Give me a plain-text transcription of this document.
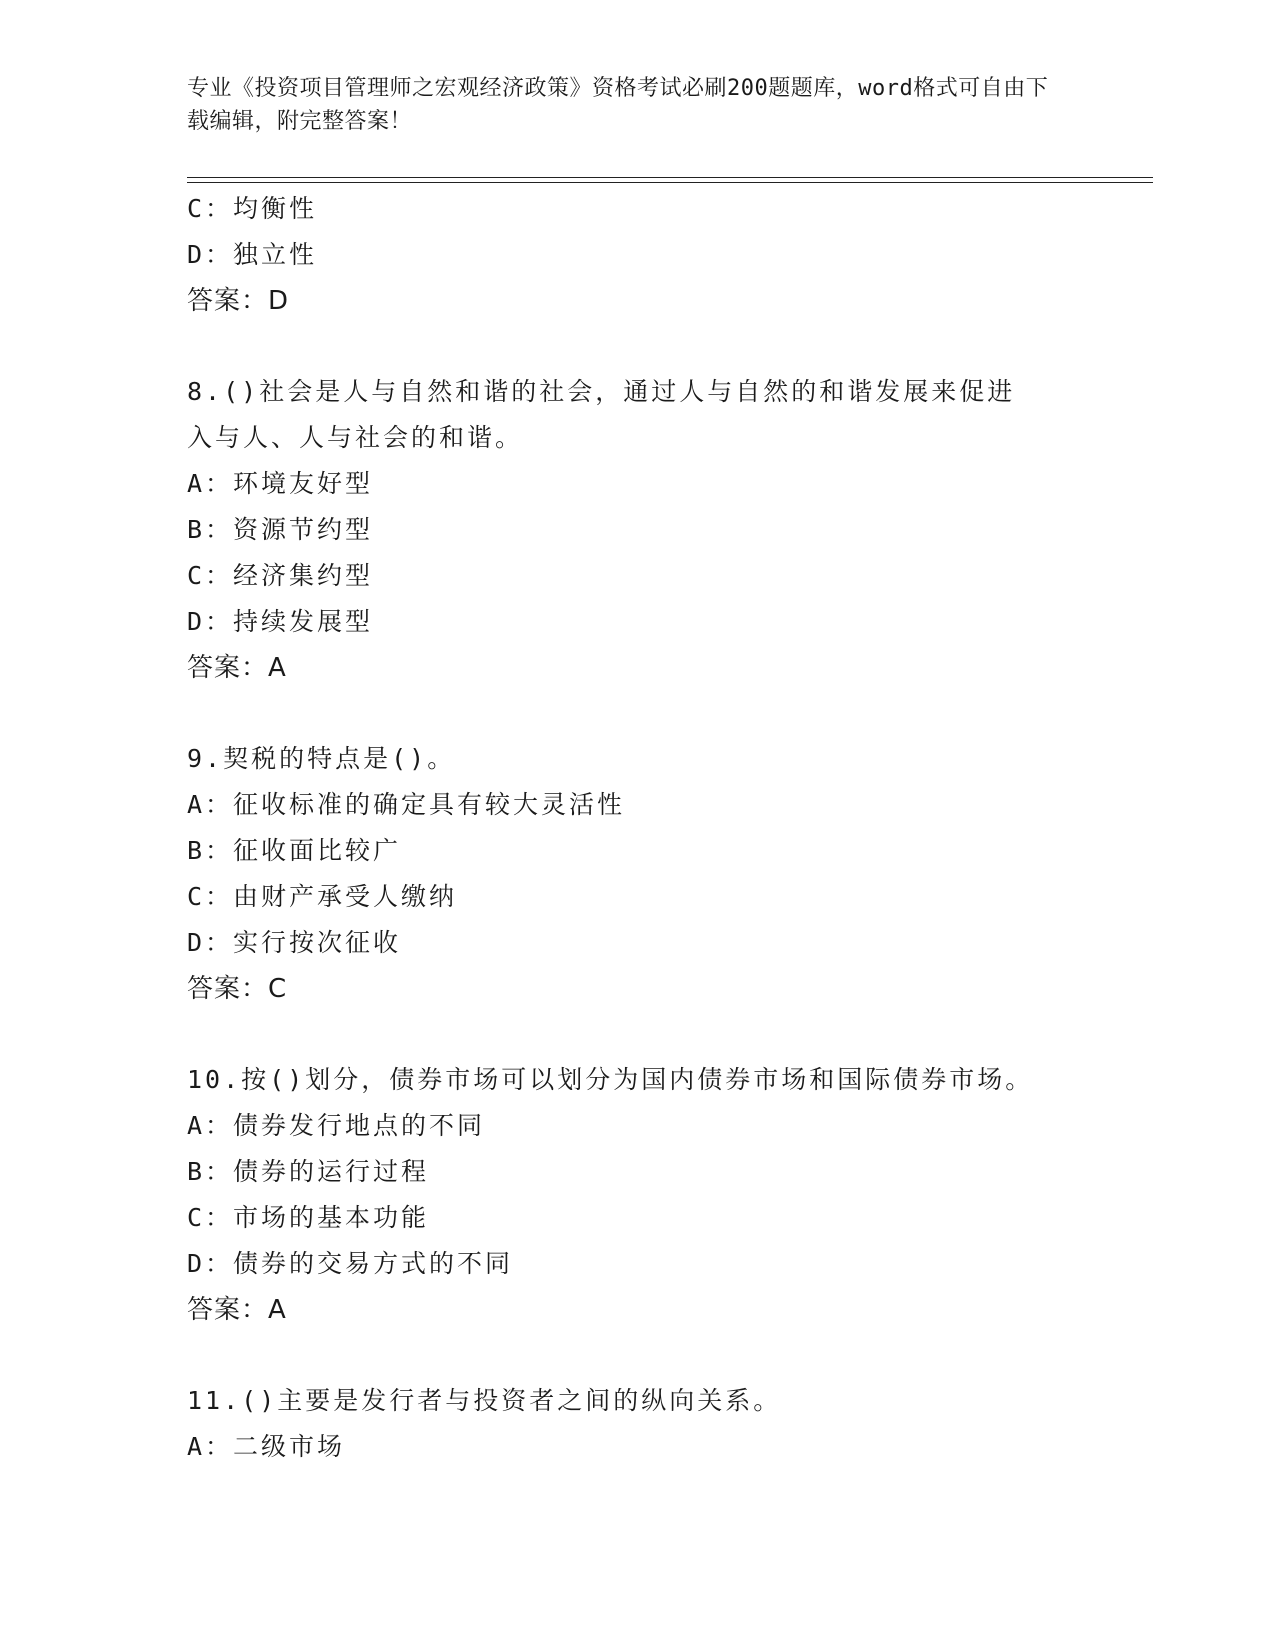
专业《投资项目管理师之宏观经济政策》资格考试必刷200题题库，word格式可自由下载编辑，附完整答案！
C：均衡性
D：独立性
答案：D
8.()社会是人与自然和谐的社会，通过人与自然的和谐发展来促进入与人、人与社会的和谐。
A：环境友好型
B：资源节约型
C：经济集约型
D：持续发展型
答案：A
9.契税的特点是()。
A：征收标准的确定具有较大灵活性
B：征收面比较广
C：由财产承受人缴纳
D：实行按次征收
答案：C
10.按()划分，债券市场可以划分为国内债券市场和国际债券市场。
A：债券发行地点的不同
B：债券的运行过程
C：市场的基本功能
D：债券的交易方式的不同
答案：A
11.()主要是发行者与投资者之间的纵向关系。
A：二级市场
